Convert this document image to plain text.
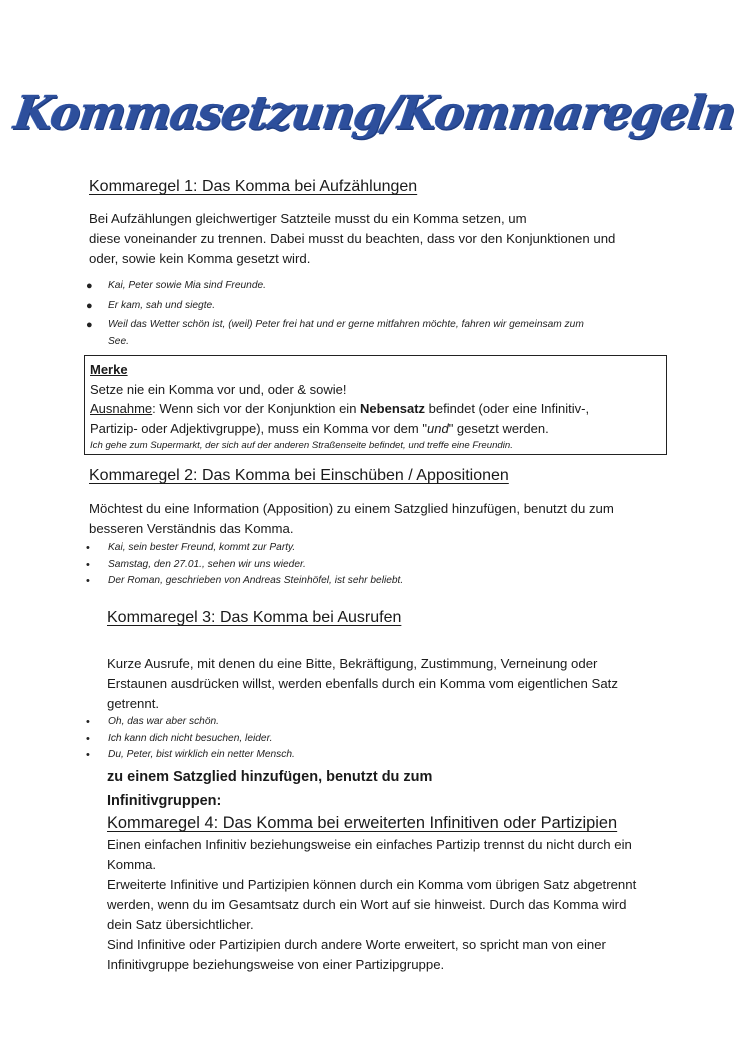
Kommasetzung/Kommaregeln
Kommaregel 1: Das Komma bei Aufzählungen
Bei Aufzählungen gleichwertiger Satzteile musst du ein Komma setzen, um
diese voneinander zu trennen. Dabei musst du beachten, dass vor den Konjunktionen und
oder, sowie kein Komma gesetzt wird.
● Kai, Peter sowie Mia sind Freunde.
● Er kam, sah und siegte.
● Weil das Wetter schön ist, (weil) Peter frei hat und er gerne mitfahren möchte, fahren wir gemeinsam zum
See.
Merke
Setze nie ein Komma vor und, oder & sowie!
Ausnahme: Wenn sich vor der Konjunktion ein Nebensatz befindet (oder eine Infinitiv-,
Partizip- oder Adjektivgruppe), muss ein Komma vor dem "und" gesetzt werden.
Ich gehe zum Supermarkt, der sich auf der anderen Straßenseite befindet, und treffe eine Freundin.
Kommaregel 2: Das Komma bei Einschüben / Appositionen
Möchtest du eine Information (Apposition) zu einem Satzglied hinzufügen, benutzt du zum
besseren Verständnis das Komma.
• Kai, sein bester Freund, kommt zur Party.
• Samstag, den 27.01., sehen wir uns wieder.
• Der Roman, geschrieben von Andreas Steinhöfel, ist sehr beliebt.
Kommaregel 3: Das Komma bei Ausrufen
Kurze Ausrufe, mit denen du eine Bitte, Bekräftigung, Zustimmung, Verneinung oder
Erstaunen ausdrücken willst, werden ebenfalls durch ein Komma vom eigentlichen Satz
getrennt.
• Oh, das war aber schön.
• Ich kann dich nicht besuchen, leider.
• Du, Peter, bist wirklich ein netter Mensch.
zu einem Satzglied hinzufügen, benutzt du zum
Infinitivgruppen:
Kommaregel 4: Das Komma bei erweiterten Infinitiven oder Partizipien
Einen einfachen Infinitiv beziehungsweise ein einfaches Partizip trennst du nicht durch ein
Komma.
Erweiterte Infinitive und Partizipien können durch ein Komma vom übrigen Satz abgetrennt
werden, wenn du im Gesamtsatz durch ein Wort auf sie hinweist. Durch das Komma wird
dein Satz übersichtlicher.
Sind Infinitive oder Partizipien durch andere Worte erweitert, so spricht man von einer
Infinitivgruppe beziehungsweise von einer Partizipgruppe.
